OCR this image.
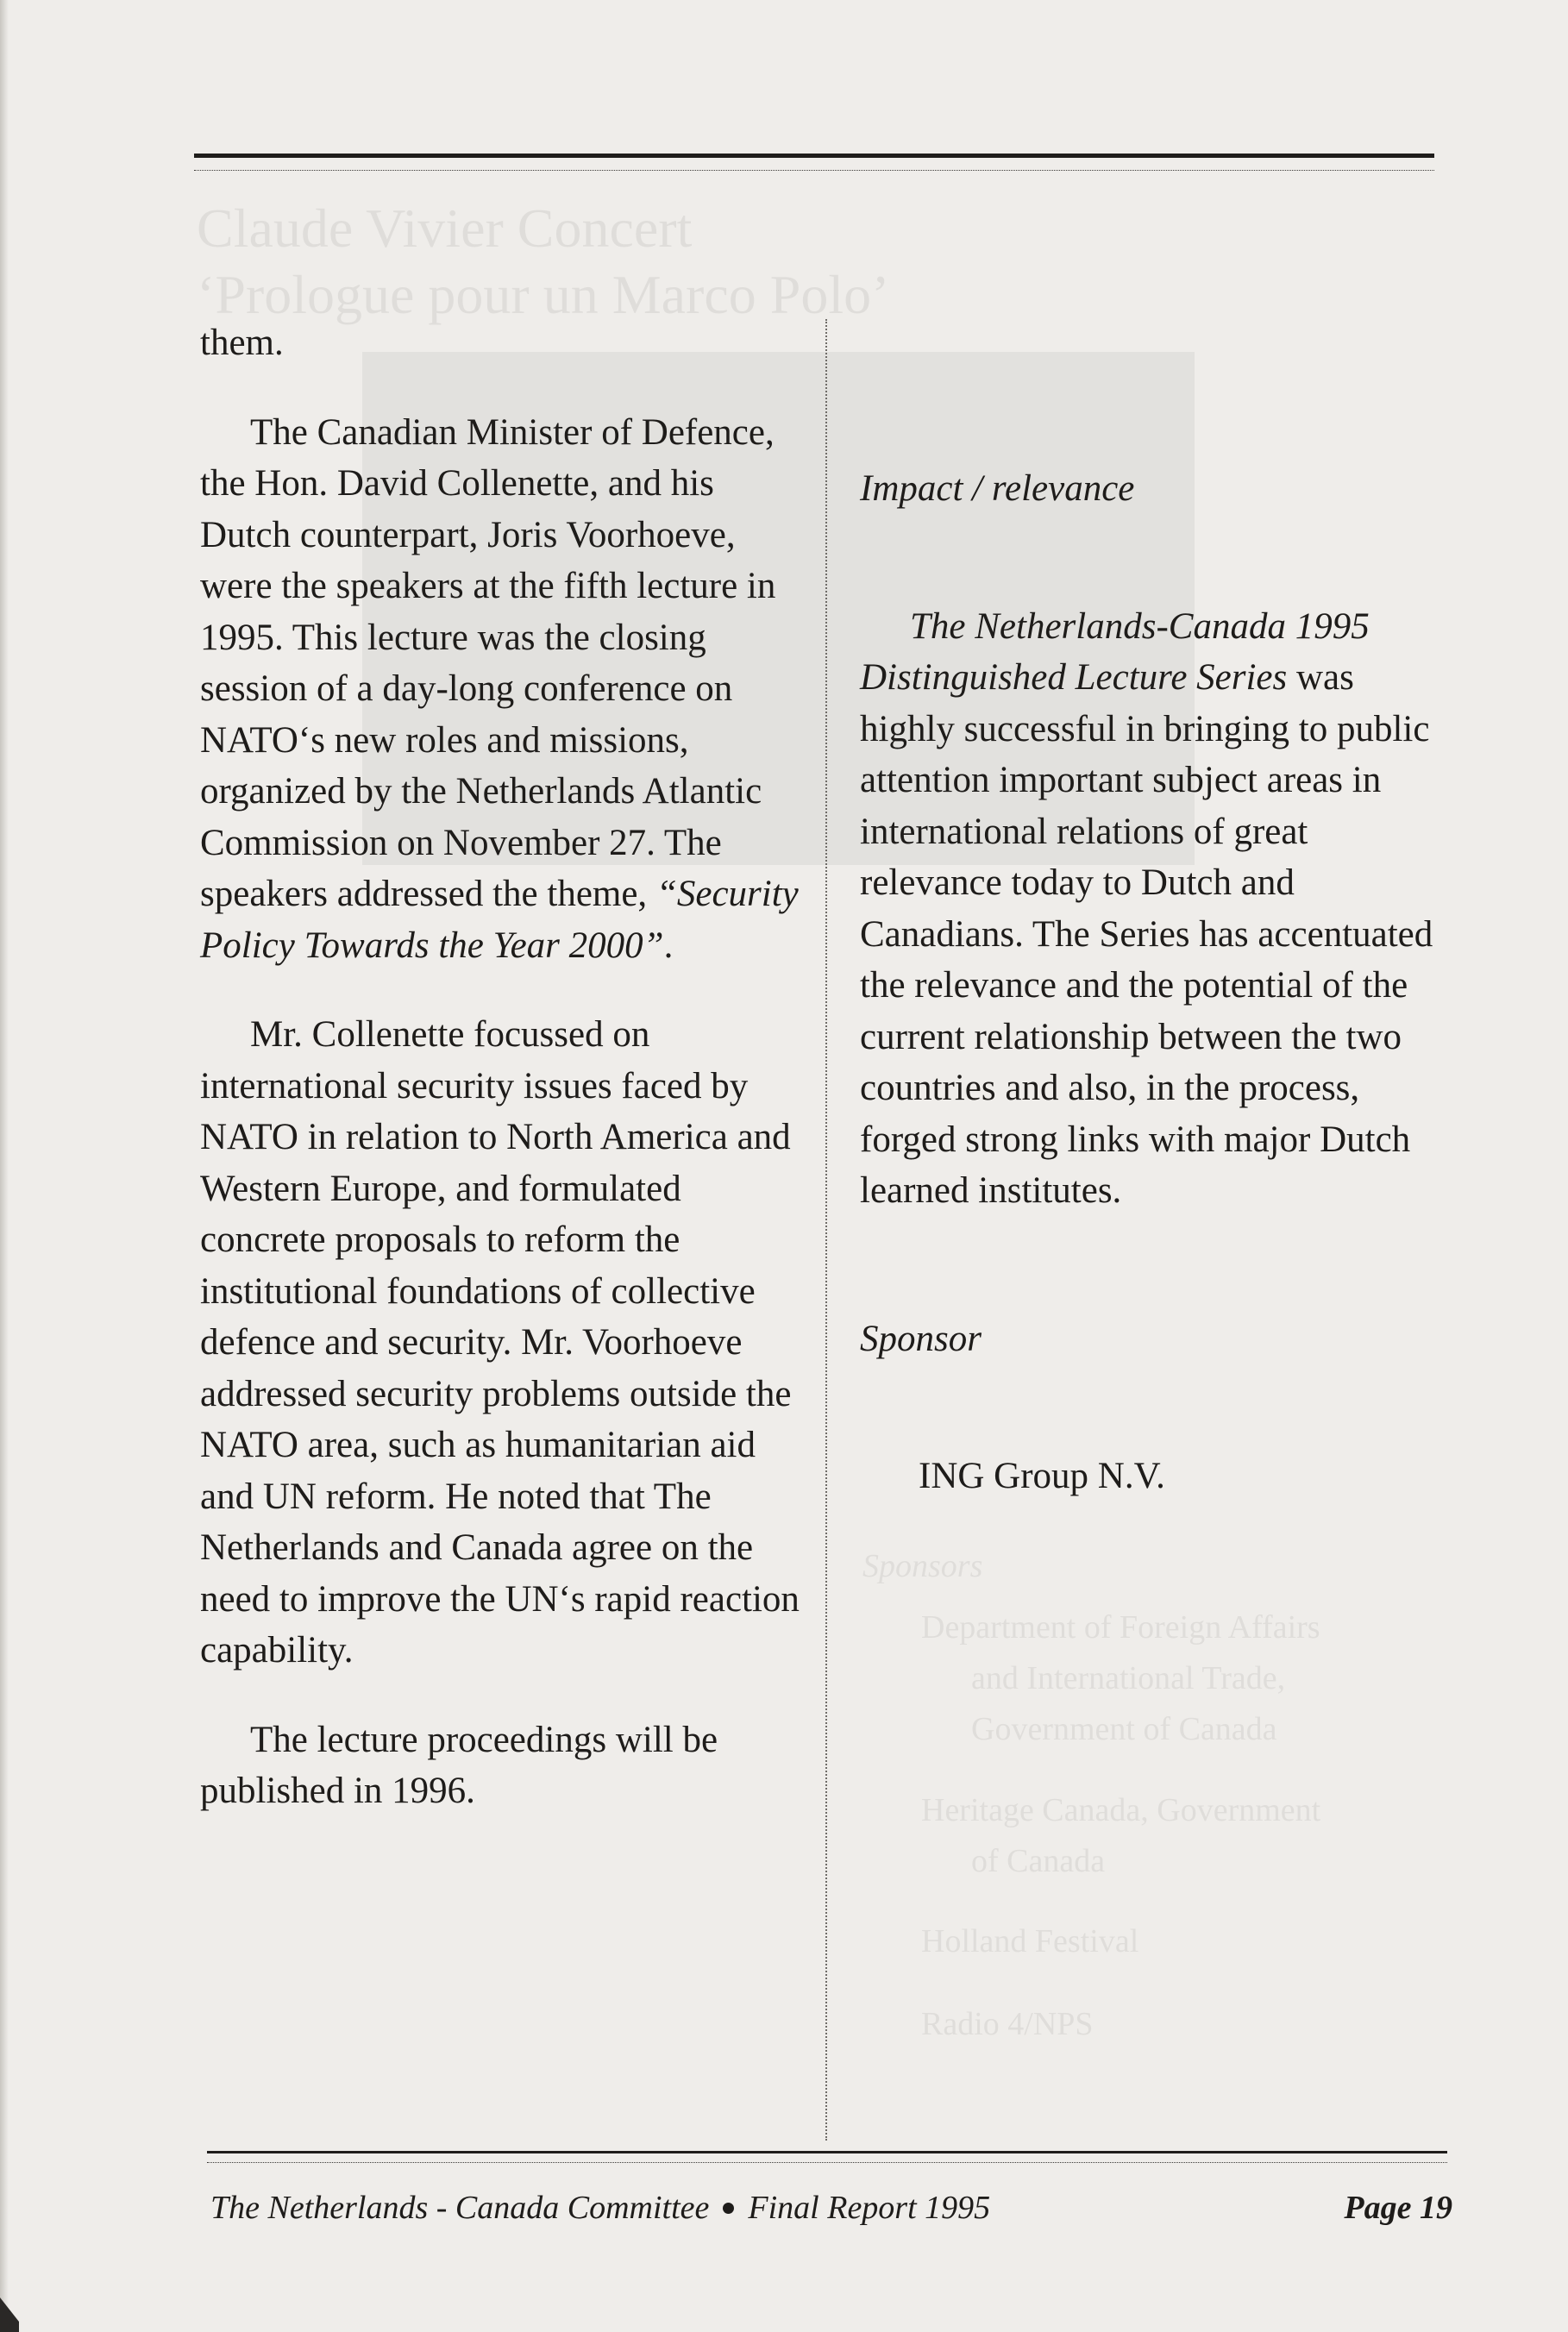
Claude Vivier Concert
‘Prologue pour un Marco Polo’
Sponsors
Department of Foreign Affairs
and International Trade,
Government of Canada
Heritage Canada, Government
of Canada
Holland Festival
Radio 4/NPS

them.

The Canadian Minister of Defence, the Hon. David Collenette, and his Dutch counterpart, Joris Voorhoeve, were the speakers at the fifth lecture in 1995. This lecture was the closing session of a day-long conference on NATO‘s new roles and missions, organized by the Netherlands Atlantic Commission on November 27. The speakers addressed the theme, “Security Policy Towards the Year 2000”.

Mr. Collenette focussed on international security issues faced by NATO in relation to North America and Western Europe, and formulated concrete proposals to reform the institutional foundations of collective defence and security. Mr. Voorhoeve addressed security problems outside the NATO area, such as humanitarian aid and UN reform. He noted that The Netherlands and Canada agree on the need to improve the UN‘s rapid reaction capability.

The lecture proceedings will be published in 1996.

Impact / relevance

The Netherlands-Canada 1995 Distinguished Lecture Series was highly successful in bringing to public attention important subject areas in international relations of great relevance today to Dutch and Canadians. The Series has accentuated the relevance and the potential of the current relationship between the two countries and also, in the process, forged strong links with major Dutch learned institutes.

Sponsor

ING Group N.V.

The Netherlands - Canada Committee Final Report 1995	Page 19
